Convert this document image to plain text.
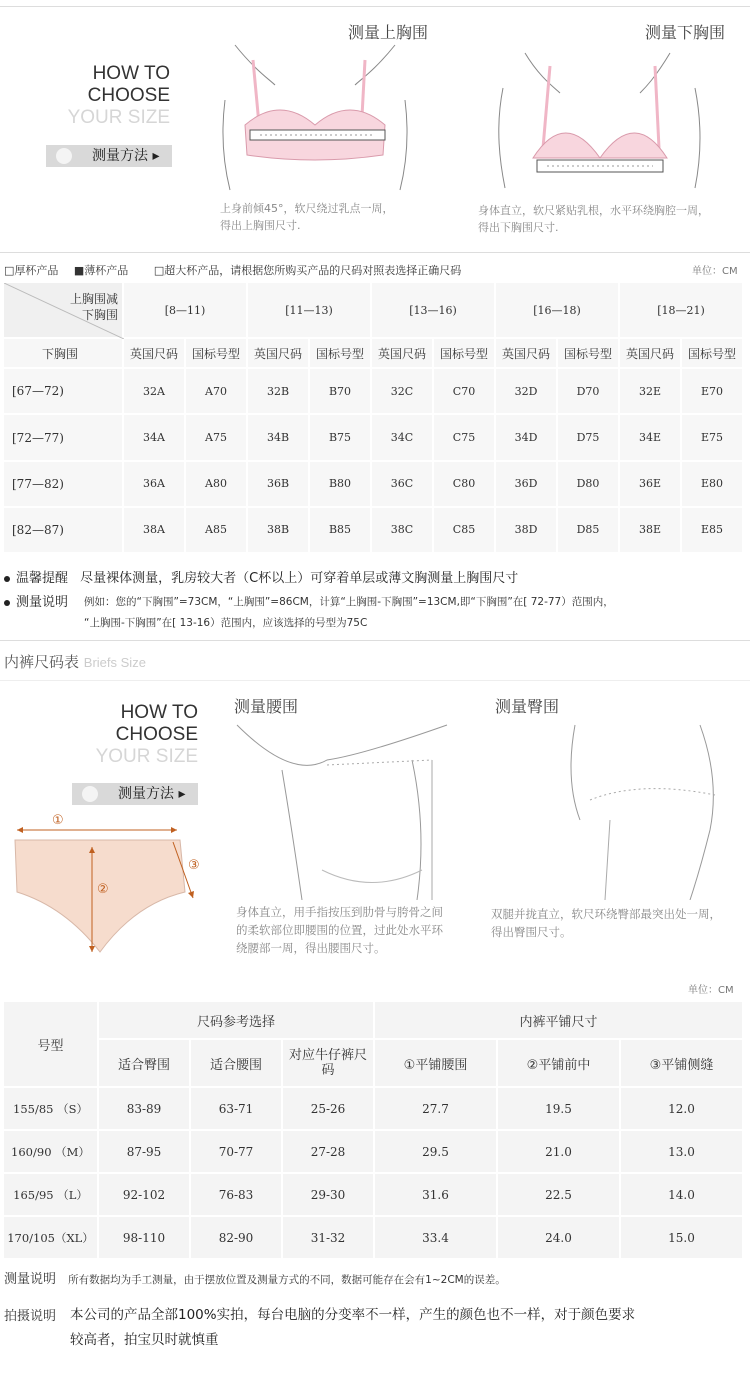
HOW TO
CHOOSE
YOUR SIZE
测量方法 ▸
测量上胸围	测量下胸围
上身前倾45°，软尺绕过乳点一周，
得出上胸围尺寸.
身体直立，软尺紧贴乳根，水平环绕胸腔一周，
得出下胸围尺寸.
□厚杯产品 ■薄杯产品 □超大杯产品，请根据您所购买产品的尺码对照表选择正确尺码	单位：CM
上胸围减
下胸围	[8—11)		[11—13)		[13—16)		[16—18)		[18—21)	
下胸围	英国尺码	国标号型	英国尺码	国标号型	英国尺码	国标号型	英国尺码	国标号型	英国尺码	国标号型
[67—72)	32A	A70	32B	B70	32C	C70	32D	D70	32E	E70
[72—77)	34A	A75	34B	B75	34C	C75	34D	D75	34E	E75
[77—82)	36A	A80	36B	B80	36C	C80	36D	D80	36E	E80
[82—87)	38A	A85	38B	B85	38C	C85	38D	D85	38E	E85
温馨提醒 尽量裸体测量，乳房较大者（C杯以上）可穿着单层或薄文胸测量上胸围尺寸
测量说明 例如：您的“下胸围”=73CM，“上胸围”=86CM，计算“上胸围-下胸围”=13CM,即“下胸围”在[ 72-77）范围内，
“上胸围-下胸围”在[ 13-16）范围内，应该选择的号型为75C
内裤尺码表 Briefs Size
HOW TO
CHOOSE
YOUR SIZE
测量方法 ▸
①
②
③
测量腰围	测量臀围
身体直立，用手指按压到肋骨与胯骨之间
的柔软部位即腰围的位置，过此处水平环
绕腰部一周，得出腰围尺寸。
双腿并拢直立，软尺环绕臀部最突出处一周，
得出臀围尺寸。
单位：CM
号型	尺码参考选择			内裤平铺尺寸		
	适合臀围	适合腰围	对应牛仔裤尺码	①平铺腰围	②平铺前中	③平铺侧缝
155/85 （S）	83-89	63-71	25-26	27.7	19.5	12.0
160/90 （M）	87-95	70-77	27-28	29.5	21.0	13.0
165/95 （L）	92-102	76-83	29-30	31.6	22.5	14.0
170/105（XL）	98-110	82-90	31-32	33.4	24.0	15.0
测量说明 所有数据均为手工测量，由于摆放位置及测量方式的不同，数据可能存在会有1~2CM的误差。
拍摄说明 本公司的产品全部100%实拍，每台电脑的分变率不一样，产生的颜色也不一样，对于颜色要求
较高者，拍宝贝时就慎重
